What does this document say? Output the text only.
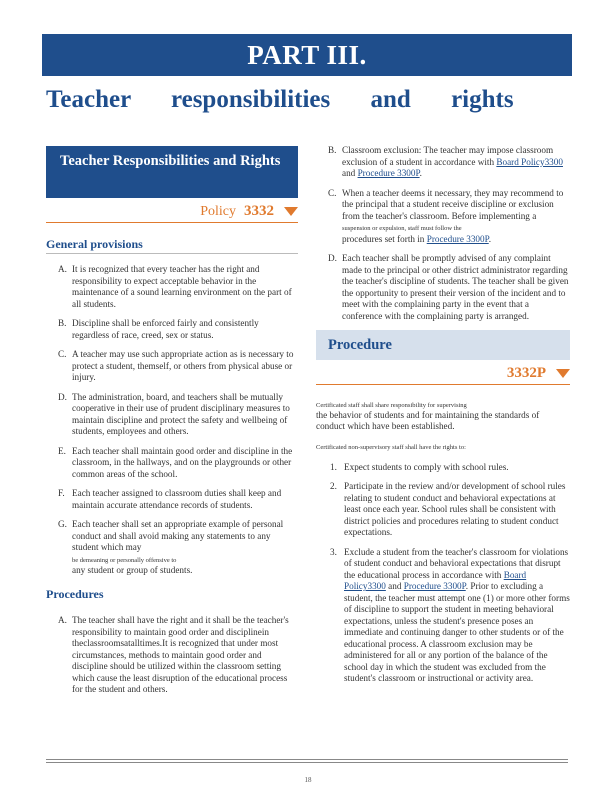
PART III.
Teacher responsibilities and rights
Teacher Responsibilities and Rights
Policy 3332
General provisions
A. It is recognized that every teacher has the right and responsibility to expect acceptable behavior in the maintenance of a sound learning environment on the part of all students.
B. Discipline shall be enforced fairly and consistently regardless of race, creed, sex or status.
C. A teacher may use such appropriate action as is necessary to protect a student, themself, or others from physical abuse or injury.
D. The administration, board, and teachers shall be mutually cooperative in their use of prudent disciplinary measures to maintain discipline and protect the safety and wellbeing of students, employees and others.
E. Each teacher shall maintain good order and discipline in the classroom, in the hallways, and on the playgrounds or other common areas of the school.
F. Each teacher assigned to classroom duties shall keep and maintain accurate attendance records of students.
G. Each teacher shall set an appropriate example of personal conduct and shall avoid making any statements to any student which may
be demeaning or personally offensive to
any student or group of students.
Procedures
A. The teacher shall have the right and it shall be the teacher's responsibility to maintain good order and disciplinein theclassroomsatalltimes.It is recognized that under most circumstances, methods to maintain good order and discipline should be utilized within the classroom setting which cause the least disruption of the educational process for the student and others.
B. Classroom exclusion: The teacher may impose classroom exclusion of a student in accordance with Board Policy3300 and Procedure 3300P.
C. When a teacher deems it necessary, they may recommend to the principal that a student receive discipline or exclusion from the teacher's classroom. Before implementing a
suspension or expulsion, staff must follow the
procedures set forth in Procedure 3300P.
D. Each teacher shall be promptly advised of any complaint made to the principal or other district administrator regarding the teacher's discipline of students. The teacher shall be given the opportunity to present their version of the incident and to meet with the complaining party in the event that a conference with the complaining party is arranged.
Procedure
3332P
Certificated staff shall share responsibility for supervising
the behavior of students and for maintaining the standards of conduct which have been established.
Certificated non-supervisory staff shall have the rights to:
1. Expect students to comply with school rules.
2. Participate in the review and/or development of school rules relating to student conduct and behavioral expectations at least once each year. School rules shall be consistent with district policies and procedures relating to student conduct expectations.
3. Exclude a student from the teacher's classroom for violations of student conduct and behavioral expectations that disrupt the educational process in accordance with Board Policy3300 and Procedure 3300P. Prior to excluding a student, the teacher must attempt one (1) or more other forms of discipline to support the student in meeting behavioral expectations, unless the student's presence poses an immediate and continuing danger to other students or of the educational process. A classroom exclusion may be administered for all or any portion of the balance of the school day in which the student was excluded from the student's classroom or instructional or activity area.
18
